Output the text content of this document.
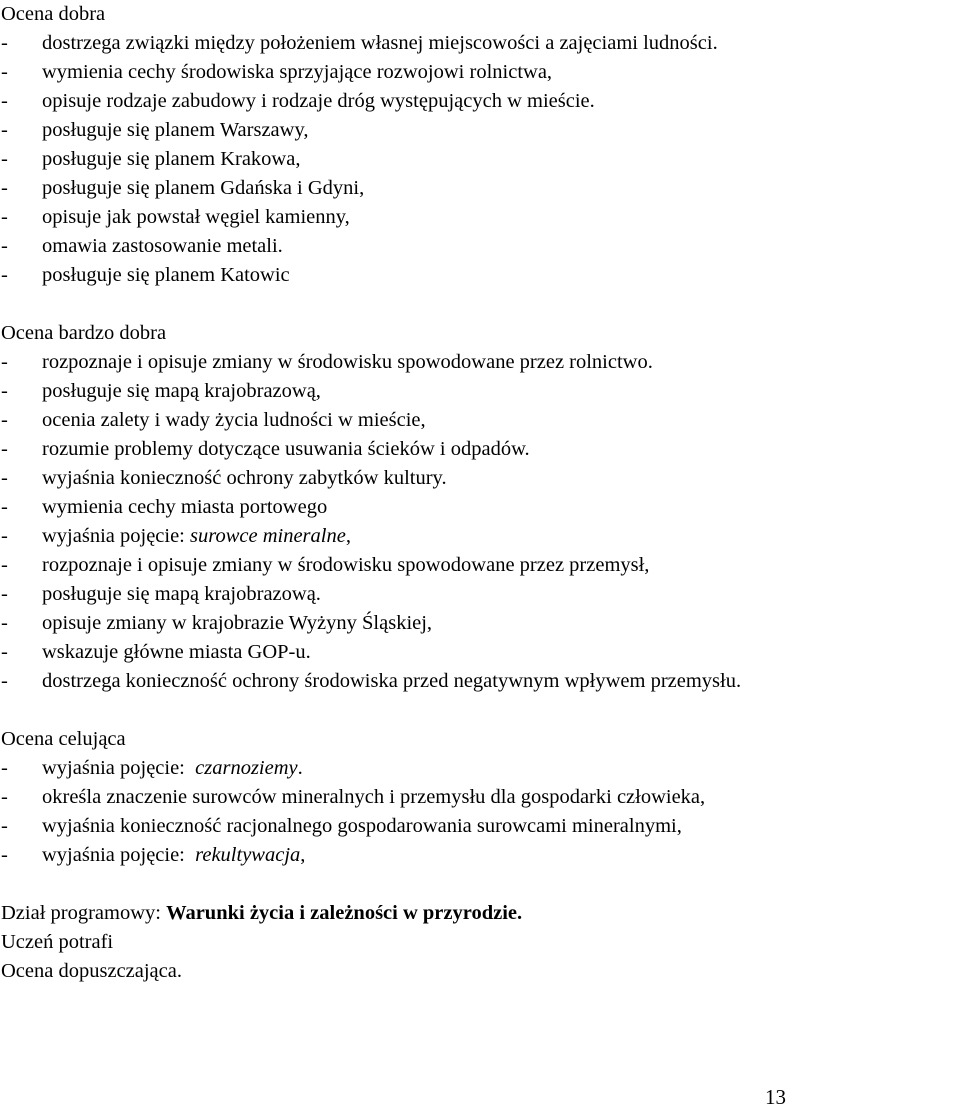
Ocena dobra
- dostrzega związki między położeniem własnej miejscowości a zajęciami ludności.
- wymienia cechy środowiska sprzyjające rozwojowi rolnictwa,
- opisuje rodzaje zabudowy i rodzaje dróg występujących w mieście.
- posługuje się planem Warszawy,
- posługuje się planem Krakowa,
- posługuje się planem Gdańska i Gdyni,
- opisuje jak powstał węgiel kamienny,
- omawia zastosowanie metali.
- posługuje się planem Katowic
Ocena bardzo dobra
- rozpoznaje i opisuje zmiany w środowisku spowodowane przez rolnictwo.
- posługuje się mapą krajobrazową,
- ocenia zalety i wady życia ludności w mieście,
- rozumie problemy dotyczące usuwania ścieków i odpadów.
- wyjaśnia konieczność ochrony zabytków kultury.
- wymienia cechy miasta portowego
- wyjaśnia pojęcie: surowce mineralne,
- rozpoznaje i opisuje zmiany w środowisku spowodowane przez przemysł,
- posługuje się mapą krajobrazową.
- opisuje zmiany w krajobrazie Wyżyny Śląskiej,
- wskazuje główne miasta GOP-u.
- dostrzega konieczność ochrony środowiska przed negatywnym wpływem przemysłu.
Ocena celująca
- wyjaśnia pojęcie:  czarnoziemy.
- określa znaczenie surowców mineralnych i przemysłu dla gospodarki człowieka,
- wyjaśnia konieczność racjonalnego gospodarowania surowcami mineralnymi,
- wyjaśnia pojęcie:  rekultywacja,
Dział programowy: Warunki życia i zależności w przyrodzie.
Uczeń potrafi
Ocena dopuszczająca.
13
